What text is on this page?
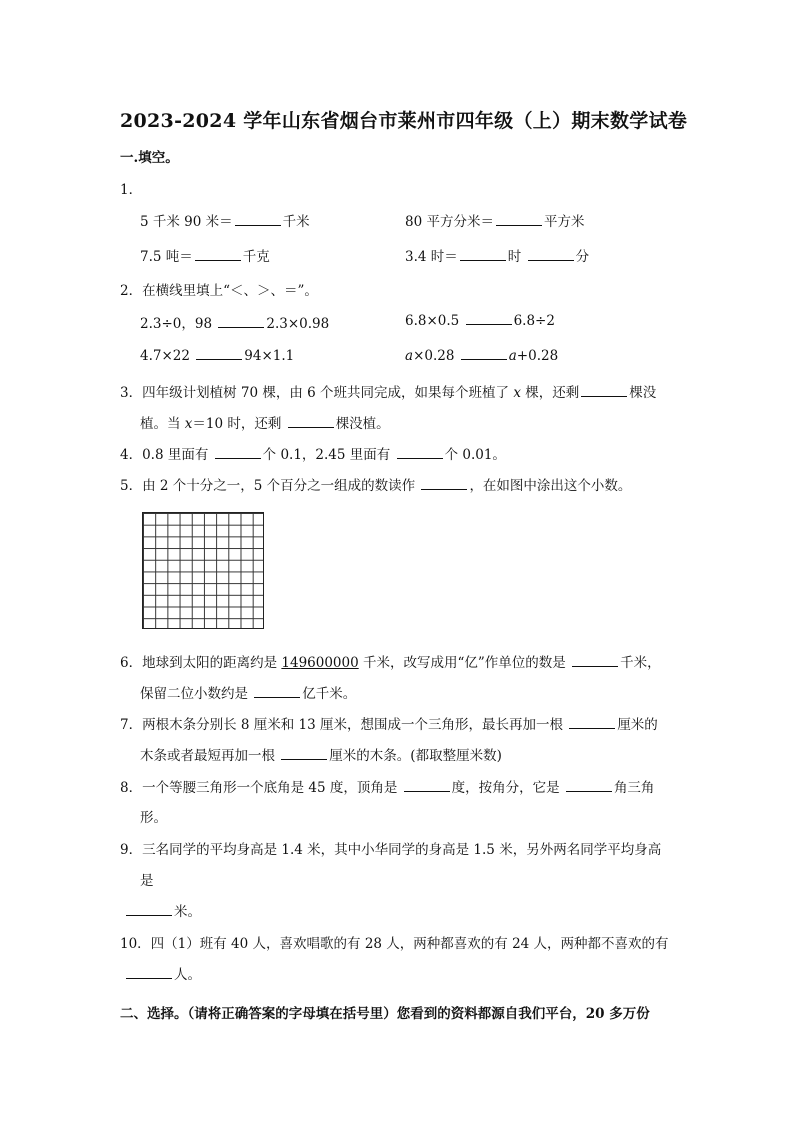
2023-2024 学年山东省烟台市莱州市四年级（上）期末数学试卷
一.填空。
1．
5 千米 90 米＝	千米	80 平方分米＝	平方米
7.5 吨＝	千克	3.4 时＝	时	分
2．在横线里填上“＜、＞、＝”。
2.3÷0，98	2.3×0.98	6.8×0.5	6.8÷2
4.7×22	94×1.1	a×0.28	a+0.28
3．四年级计划植树 70 棵，由 6 个班共同完成，如果每个班植了 x 棵，还剩	棵没
植。当 x＝10 时，还剩	棵没植。
4．0.8 里面有	个 0.1，2.45 里面有	个 0.01。
5．由 2 个十分之一，5 个百分之一组成的数读作	，在如图中涂出这个小数。
6．地球到太阳的距离约是 149600000 千米，改写成用“亿”作单位的数是	千米，
保留二位小数约是	亿千米。
7．两根木条分别长 8 厘米和 13 厘米，想围成一个三角形，最长再加一根	厘米的
木条或者最短再加一根	厘米的木条。(都取整厘米数)
8．一个等腰三角形一个底角是 45 度，顶角是	度，按角分，它是	角三角
形。
9．三名同学的平均身高是 1.4 米，其中小华同学的身高是 1.5 米，另外两名同学平均身高
是
米。
10．四（1）班有 40 人，喜欢唱歌的有 28 人，两种都喜欢的有 24 人，两种都不喜欢的有
人。
二、选择。（请将正确答案的字母填在括号里）您看到的资料都源自我们平台，20 多万份
